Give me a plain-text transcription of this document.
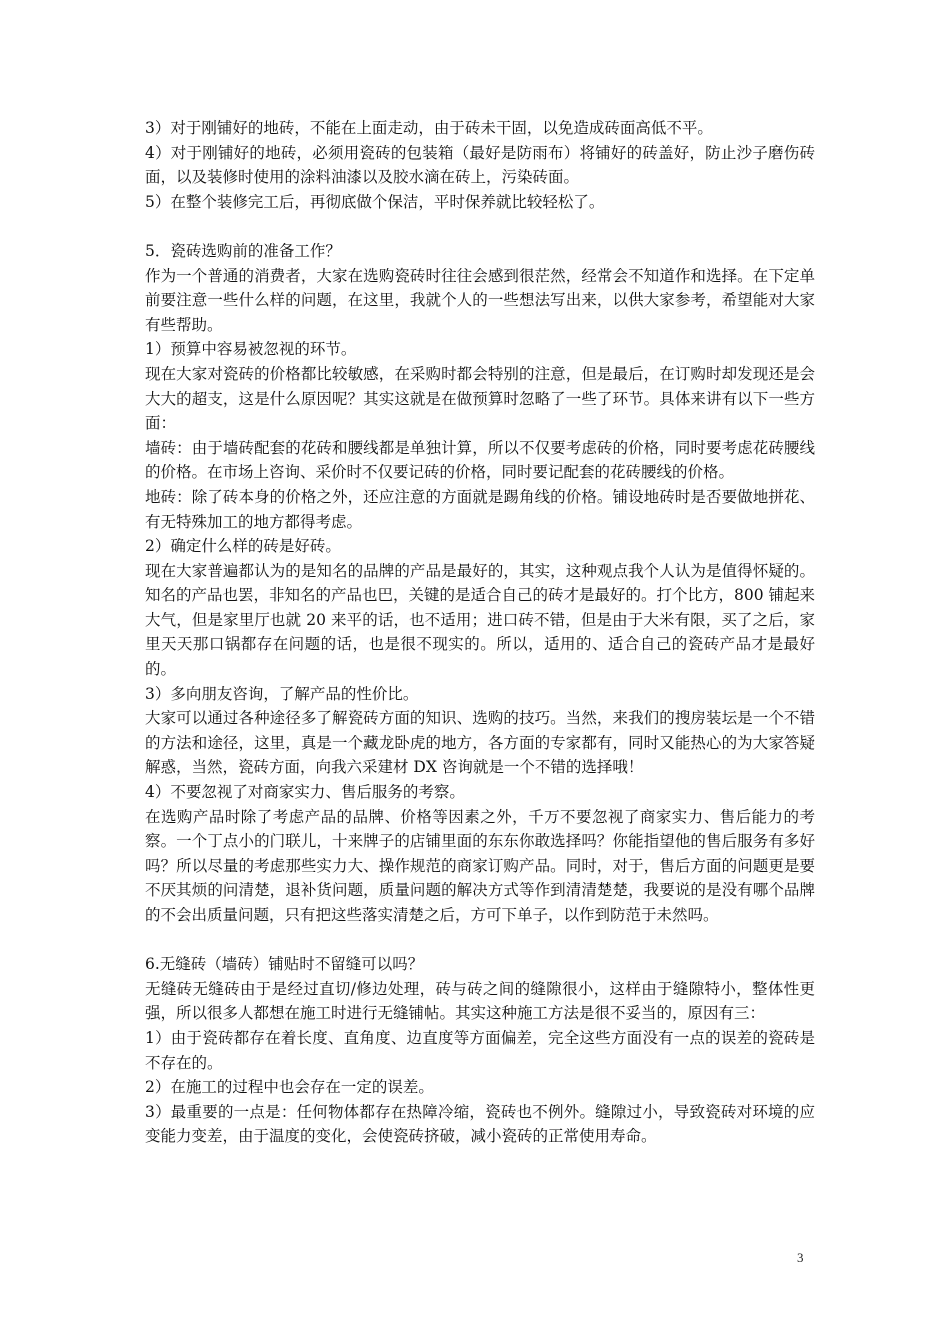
3）对于刚铺好的地砖，不能在上面走动，由于砖未干固，以免造成砖面高低不平。

4）对于刚铺好的地砖，必须用瓷砖的包装箱（最好是防雨布）将铺好的砖盖好，防止沙子磨伤砖面，以及装修时使用的涂料油漆以及胶水滴在砖上，污染砖面。

5）在整个装修完工后，再彻底做个保洁，平时保养就比较轻松了。

5．瓷砖选购前的准备工作？

作为一个普通的消费者，大家在选购瓷砖时往往会感到很茫然，经常会不知道作和选择。在下定单前要注意一些什么样的问题，在这里，我就个人的一些想法写出来，以供大家参考，希望能对大家有些帮助。

1）预算中容易被忽视的环节。

现在大家对瓷砖的价格都比较敏感，在采购时都会特别的注意，但是最后，在订购时却发现还是会大大的超支，这是什么原因呢？其实这就是在做预算时忽略了一些了环节。具体来讲有以下一些方面：

墙砖：由于墙砖配套的花砖和腰线都是单独计算，所以不仅要考虑砖的价格，同时要考虑花砖腰线的价格。在市场上咨询、采价时不仅要记砖的价格，同时要记配套的花砖腰线的价格。

地砖：除了砖本身的价格之外，还应注意的方面就是踢角线的价格。铺设地砖时是否要做地拼花、有无特殊加工的地方都得考虑。

2）确定什么样的砖是好砖。

现在大家普遍都认为的是知名的品牌的产品是最好的，其实，这种观点我个人认为是值得怀疑的。知名的产品也罢，非知名的产品也巴，关键的是适合自己的砖才是最好的。打个比方，800 铺起来大气，但是家里厅也就 20 来平的话，也不适用；进口砖不错，但是由于大米有限，买了之后，家里天天那口锅都存在问题的话，也是很不现实的。所以，适用的、适合自己的瓷砖产品才是最好的。

3）多向朋友咨询，了解产品的性价比。

大家可以通过各种途径多了解瓷砖方面的知识、选购的技巧。当然，来我们的搜房装坛是一个不错的方法和途径，这里，真是一个藏龙卧虎的地方，各方面的专家都有，同时又能热心的为大家答疑解惑，当然，瓷砖方面，向我六采建材 DX 咨询就是一个不错的选择哦！

4）不要忽视了对商家实力、售后服务的考察。

在选购产品时除了考虑产品的品牌、价格等因素之外，千万不要忽视了商家实力、售后能力的考察。一个丁点小的门联儿，十来牌子的店铺里面的东东你敢选择吗？你能指望他的售后服务有多好吗？所以尽量的考虑那些实力大、操作规范的商家订购产品。同时，对于，售后方面的问题更是要不厌其烦的问清楚，退补货问题，质量问题的解决方式等作到清清楚楚，我要说的是没有哪个品牌的不会出质量问题，只有把这些落实清楚之后，方可下单子，以作到防范于未然吗。

6.无缝砖（墙砖）铺贴时不留缝可以吗？

无缝砖无缝砖由于是经过直切/修边处理，砖与砖之间的缝隙很小，这样由于缝隙特小，整体性更强，所以很多人都想在施工时进行无缝铺帖。其实这种施工方法是很不妥当的，原因有三：

1）由于瓷砖都存在着长度、直角度、边直度等方面偏差，完全这些方面没有一点的误差的瓷砖是不存在的。

2）在施工的过程中也会存在一定的误差。

3）最重要的一点是：任何物体都存在热障冷缩，瓷砖也不例外。缝隙过小，导致瓷砖对环境的应变能力变差，由于温度的变化，会使瓷砖挤破，减小瓷砖的正常使用寿命。

3
